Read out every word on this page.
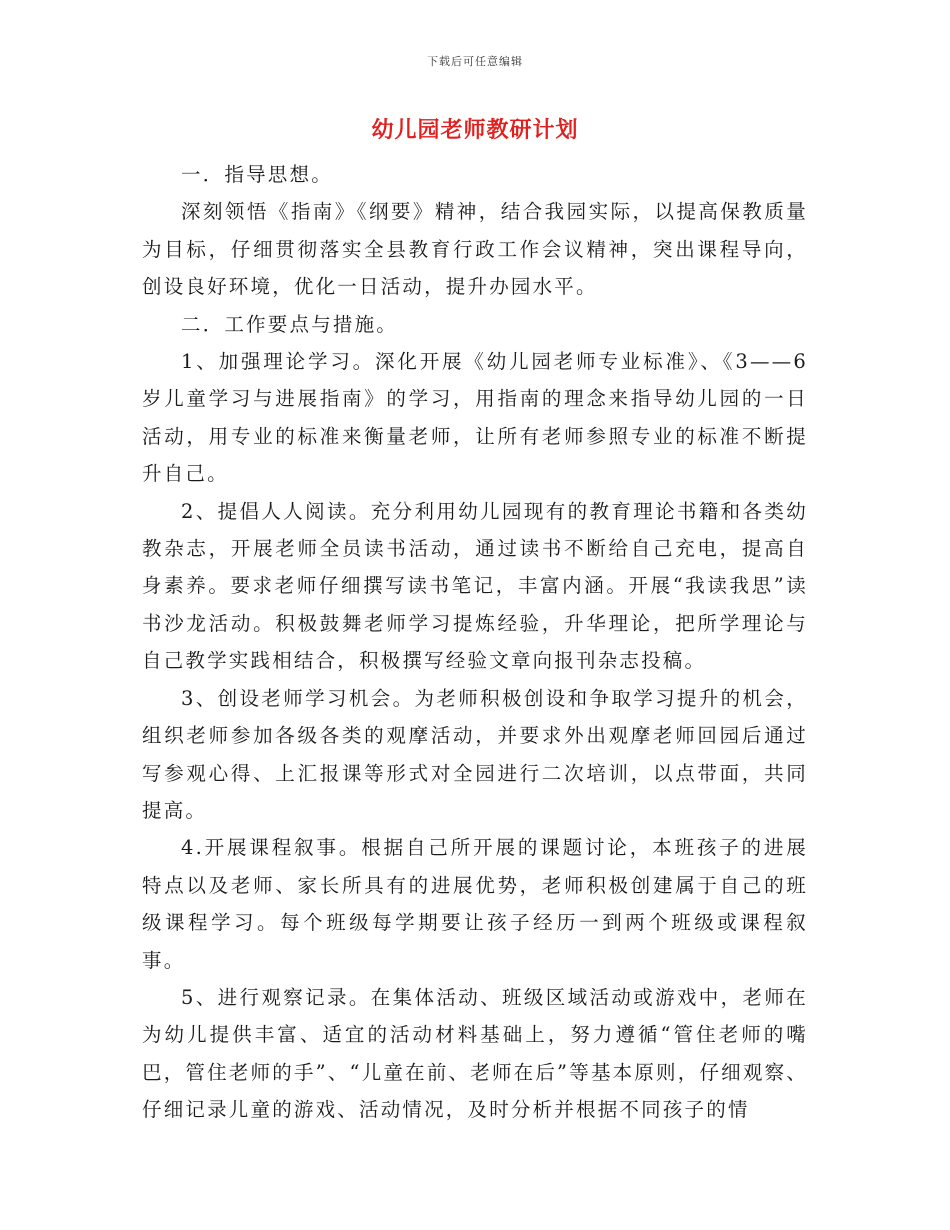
下载后可任意编辑
幼儿园老师教研计划

一．指导思想。

深刻领悟《指南》《纲要》精神，结合我园实际，以提高保教质量为目标，仔细贯彻落实全县教育行政工作会议精神，突出课程导向，创设良好环境，优化一日活动，提升办园水平。

二．工作要点与措施。

1、加强理论学习。深化开展《幼儿园老师专业标准》、《3——6岁儿童学习与进展指南》的学习，用指南的理念来指导幼儿园的一日活动，用专业的标准来衡量老师，让所有老师参照专业的标准不断提升自己。

2、提倡人人阅读。充分利用幼儿园现有的教育理论书籍和各类幼教杂志，开展老师全员读书活动，通过读书不断给自己充电，提高自身素养。要求老师仔细撰写读书笔记，丰富内涵。开展“我读我思”读书沙龙活动。积极鼓舞老师学习提炼经验，升华理论，把所学理论与自己教学实践相结合，积极撰写经验文章向报刊杂志投稿。

3、创设老师学习机会。为老师积极创设和争取学习提升的机会，组织老师参加各级各类的观摩活动，并要求外出观摩老师回园后通过写参观心得、上汇报课等形式对全园进行二次培训，以点带面，共同提高。

4.开展课程叙事。根据自己所开展的课题讨论，本班孩子的进展特点以及老师、家长所具有的进展优势，老师积极创建属于自己的班级课程学习。每个班级每学期要让孩子经历一到两个班级或课程叙事。

5、进行观察记录。在集体活动、班级区域活动或游戏中，老师在为幼儿提供丰富、适宜的活动材料基础上，努力遵循“管住老师的嘴巴，管住老师的手”、“儿童在前、老师在后”等基本原则，仔细观察、仔细记录儿童的游戏、活动情况，及时分析并根据不同孩子的情
